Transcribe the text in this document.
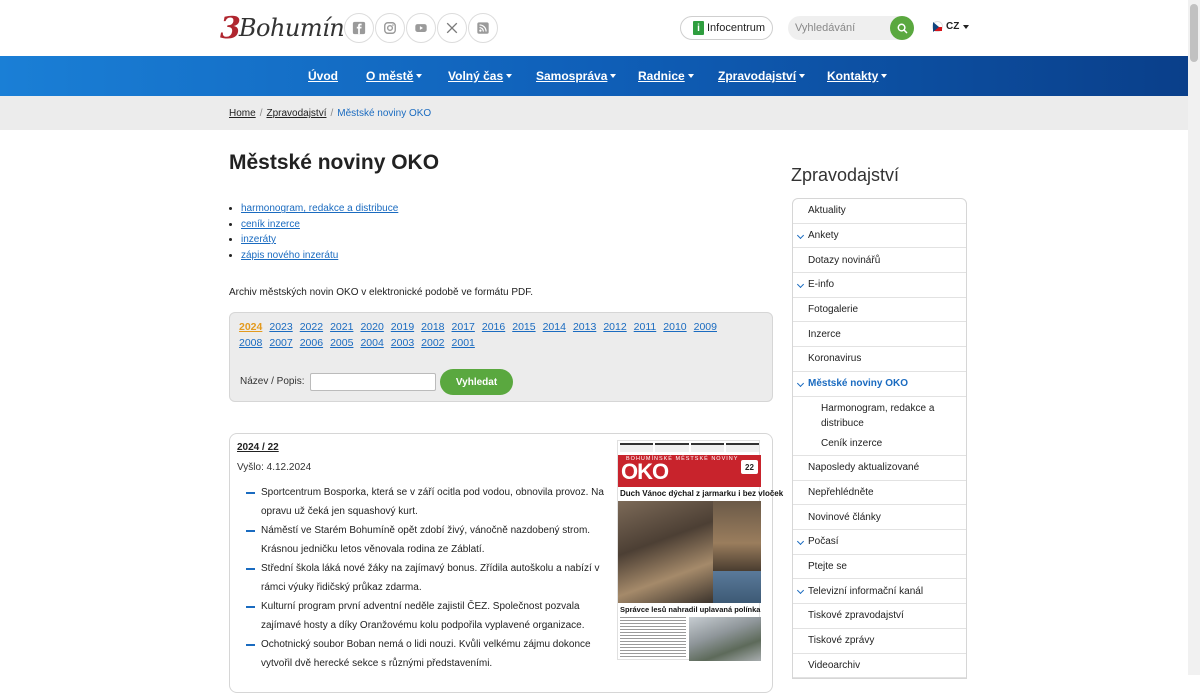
3
Bohumín	i Infocentrum
Vyhledávání	CZ
Úvod O městě	Volný čas	Samospráva	Radnice	Zpravodajství	Kontakty
Home / Zpravodajství / Městské noviny OKO
Městské noviny OKO
harmonogram, redakce a distribuce
ceník inzerce
inzeráty
zápis nového inzerátu
Archiv městských novin OKO v elektronické podobě ve formátu PDF.
2024 2023 2022 2021 2020 2019 2018 2017 2016 2015 2014 2013 2012 2011 2010 2009
2008 2007 2006 2005 2004 2003 2002 2001
Název / Popis:	Vyhledat
2024 / 22
Vyšlo: 4.12.2024
Sportcentrum Bosporka, která se v září ocitla pod vodou, obnovila provoz. Na opravu už čeká jen squashový kurt.
Náměstí ve Starém Bohumíně opět zdobí živý, vánočně nazdobený strom. Krásnou jedničku letos věnovala rodina ze Záblatí.
Střední škola láká nové žáky na zajímavý bonus. Zřídila autoškolu a nabízí v rámci výuky řidičský průkaz zdarma.
Kulturní program první adventní neděle zajistil ČEZ. Společnost pozvala zajímavé hosty a díky Oranžovému kolu podpořila vyplavené organizace.
Ochotnický soubor Boban nemá o lidi nouzi. Kvůli velkému zájmu dokonce vytvořil dvě herecké sekce s různými představeními.
BOHUMÍNSKÉ MĚSTSKÉ NOVINY
OKO	22
Duch Vánoc dýchal z jarmarku i bez vloček
Správce lesů nahradil uplavaná polínka
Zpravodajství
Aktuality
Ankety
Dotazy novinářů
E-info
Fotogalerie
Inzerce
Koronavirus
Městské noviny OKO
Harmonogram, redakce a distribuce
Ceník inzerce
Naposledy aktualizované
Nepřehlédněte
Novinové články
Počasí
Ptejte se
Televizní informační kanál
Tiskové zpravodajství
Tiskové zprávy
Videoarchiv
